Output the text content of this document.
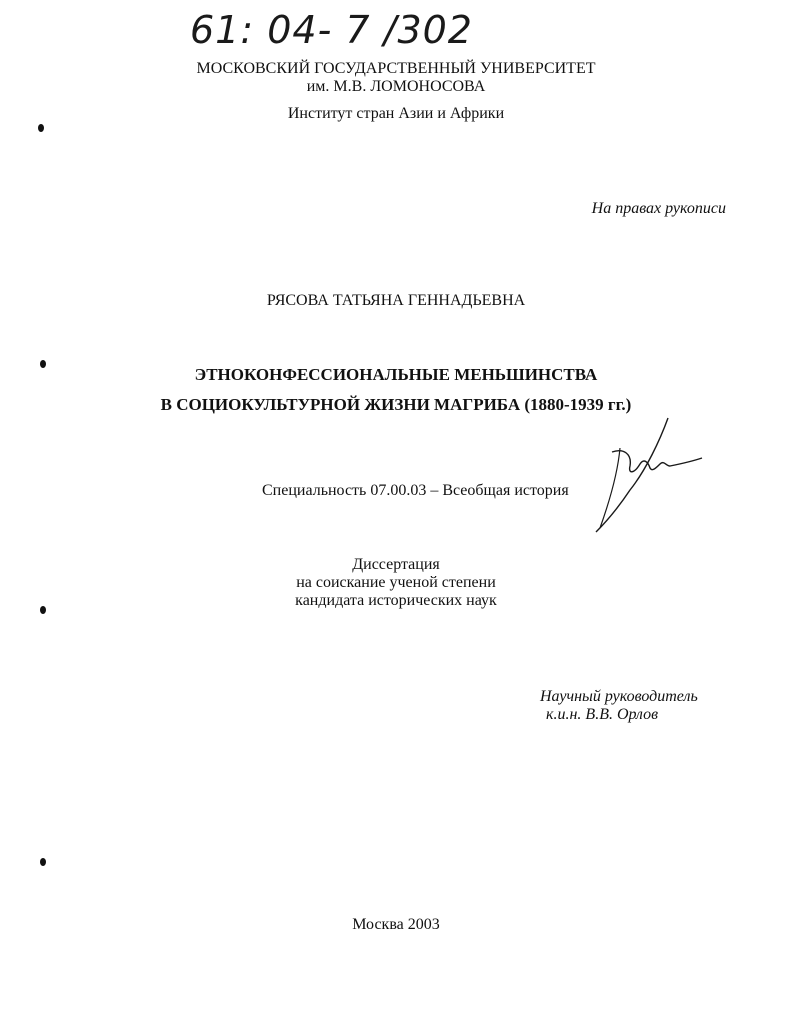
61: 04- 7 /302
МОСКОВСКИЙ ГОСУДАРСТВЕННЫЙ УНИВЕРСИТЕТ
им. М.В. ЛОМОНОСОВА
Институт стран Азии и Африки
На правах рукописи
РЯСОВА ТАТЬЯНА ГЕННАДЬЕВНА
ЭТНОКОНФЕССИОНАЛЬНЫЕ МЕНЬШИНСТВА
В СОЦИОКУЛЬТУРНОЙ ЖИЗНИ МАГРИБА (1880-1939 гг.)
Специальность 07.00.03 – Всеобщая история
Диссертация
на соискание ученой степени
кандидата исторических наук
Научный руководитель
к.и.н. В.В. Орлов
Москва 2003
